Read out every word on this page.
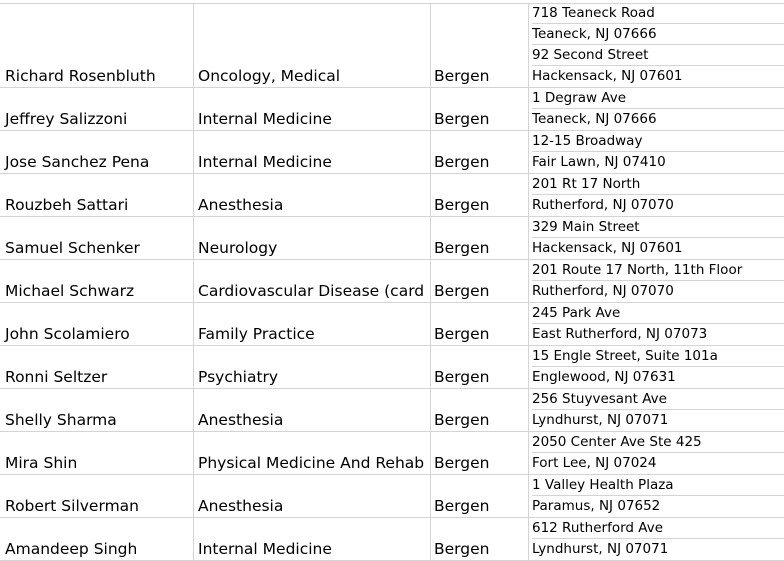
Richard Rosenbluth	Oncology, Medical	Bergen
718 Teaneck Road
Teaneck, NJ 07666
92 Second Street
Hackensack, NJ 07601
Jeffrey Salizzoni	Internal Medicine	Bergen
1 Degraw Ave
Teaneck, NJ 07666
Jose Sanchez Pena	Internal Medicine	Bergen
12-15 Broadway
Fair Lawn, NJ 07410
Rouzbeh Sattari	Anesthesia	Bergen
201 Rt 17 North
Rutherford, NJ 07070
Samuel Schenker	Neurology	Bergen
329 Main Street
Hackensack, NJ 07601
Michael Schwarz	Cardiovascular Disease (card Bergen
201 Route 17 North, 11th Floor
Rutherford, NJ 07070
John Scolamiero	Family Practice	Bergen
245 Park Ave
East Rutherford, NJ 07073
Ronni Seltzer	Psychiatry	Bergen
15 Engle Street, Suite 101a
Englewood, NJ 07631
Shelly Sharma	Anesthesia	Bergen
256 Stuyvesant Ave
Lyndhurst, NJ 07071
Mira Shin	Physical Medicine And Rehab Bergen
2050 Center Ave Ste 425
Fort Lee, NJ 07024
Robert Silverman	Anesthesia	Bergen
1 Valley Health Plaza
Paramus, NJ 07652
Amandeep Singh	Internal Medicine	Bergen
612 Rutherford Ave
Lyndhurst, NJ 07071
